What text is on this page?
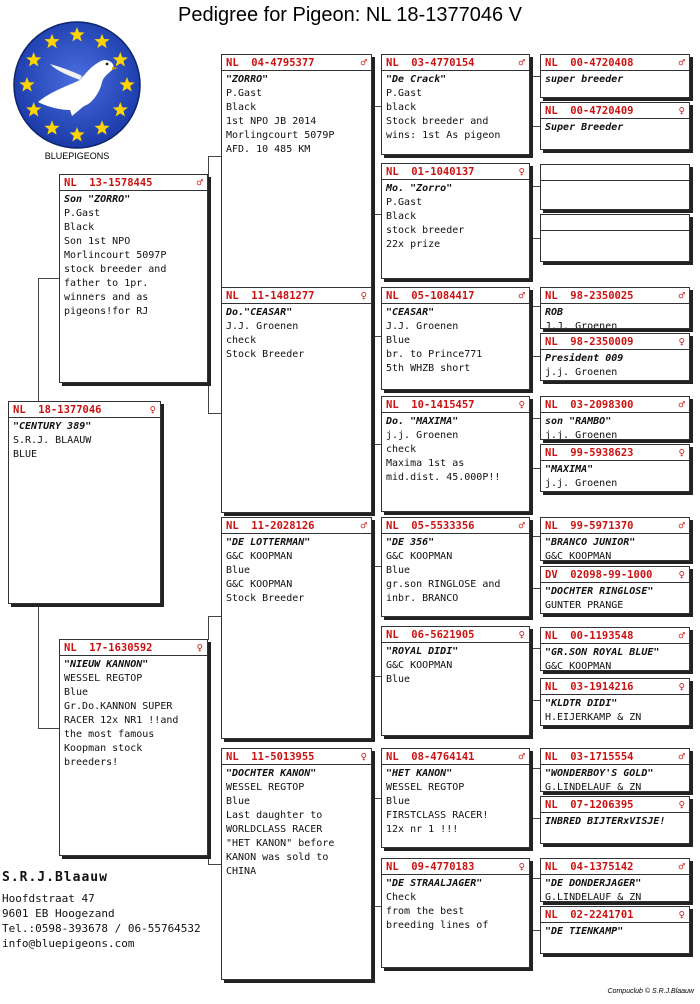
Pedigree for Pigeon: NL 18-1377046 V
BLUEPIGEONS
NL  18-1377046	♀
"CENTURY 389"
S.R.J. BLAAUW
BLUE
NL  13-1578445	♂
Son "ZORRO"
P.Gast
Black
Son 1st NPO
Morlincourt 5097P
stock breeder and
father to 1pr.
winners and as
pigeons!for RJ
NL  17-1630592	♀
"NIEUW KANNON"
WESSEL REGTOP
Blue
Gr.Do.KANNON SUPER
RACER 12x NR1 !!and
the most famous
Koopman stock
breeders!
NL  04-4795377	♂
"ZORRO"
P.Gast
Black
1st NPO JB 2014
Morlingcourt 5079P
AFD. 10 485 KM
NL  11-1481277	♀
Do."CEASAR"
J.J. Groenen
check
Stock Breeder
NL  11-2028126	♂
"DE LOTTERMAN"
G&C KOOPMAN
Blue
G&C KOOPMAN
Stock Breeder
NL  11-5013955	♀
"DOCHTER KANON"
WESSEL REGTOP
Blue
Last daughter to
WORLDCLASS RACER
"HET KANON" before
KANON was sold to
CHINA
NL  03-4770154	♂
"De Crack"
P.Gast
black
Stock breeder and
wins: 1st As pigeon
NL  01-1040137	♀
Mo. "Zorro"
P.Gast
Black
stock breeder
22x prize
NL  05-1084417	♂
"CEASAR"
J.J. Groenen
Blue
br. to Prince771
5th WHZB short
NL  10-1415457	♀
Do. "MAXIMA"
j.j. Groenen
check
Maxima 1st as
mid.dist. 45.000P!!
NL  05-5533356	♂
"DE 356"
G&C KOOPMAN
Blue
gr.son RINGLOSE and
inbr. BRANCO
NL  06-5621905	♀
"ROYAL DIDI"
G&C KOOPMAN
Blue
NL  08-4764141	♂
"HET KANON"
WESSEL REGTOP
Blue
FIRSTCLASS RACER!
12x nr 1 !!!
NL  09-4770183	♀
"DE STRAALJAGER"
Check
from the best
breeding lines of
NL  00-4720408	♂
super breeder
NL  00-4720409	♀
Super Breeder
NL  98-2350025	♂
ROB
J.J. Groenen
NL  98-2350009	♀
President 009
j.j. Groenen
NL  03-2098300	♂
son "RAMBO"
j.j. Groenen
NL  99-5938623	♀
"MAXIMA"
j.j. Groenen
NL  99-5971370	♂
"BRANCO JUNIOR"
G&C KOOPMAN
DV  02098-99-1000 ♀
"DOCHTER RINGLOSE"
GUNTER PRANGE
NL  00-1193548	♂
"GR.SON ROYAL BLUE"
G&C KOOPMAN
NL  03-1914216	♀
"KLDTR DIDI"
H.EIJERKAMP & ZN
NL  03-1715554	♂
"WONDERBOY'S GOLD"
G.LINDELAUF & ZN
NL  07-1206395	♀
INBRED BIJTERxVISJE!
NL  04-1375142	♂
"DE DONDERJAGER"
G.LINDELAUF & ZN
NL  02-2241701	♀
"DE TIENKAMP"
S.R.J.Blaauw
Hoofdstraat 47
9601 EB Hoogezand
Tel.:0598-393678 / 06-55764532
info@bluepigeons.com
Compuclub © S.R.J.Blaauw
